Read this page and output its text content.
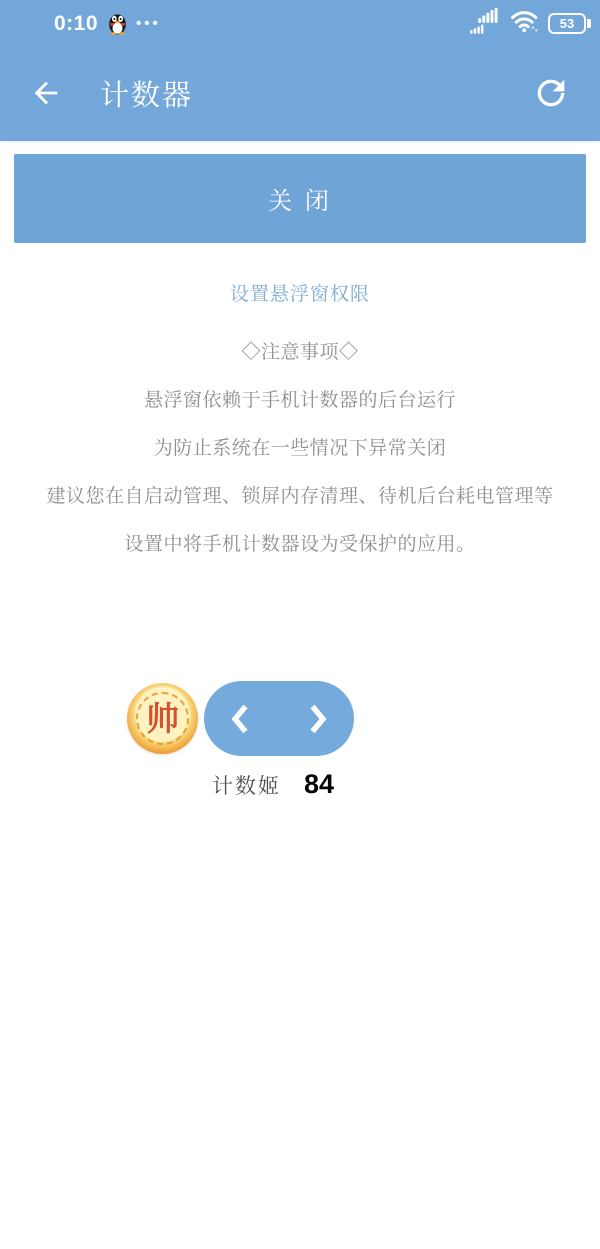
0:10	•••	53
计数器
关 闭
设置悬浮窗权限
◇注意事项◇
悬浮窗依赖于手机计数器的后台运行
为防止系统在一些情况下异常关闭
建议您在自启动管理、锁屏内存清理、待机后台耗电管理等
设置中将手机计数器设为受保护的应用。
帅
计数姬 84
